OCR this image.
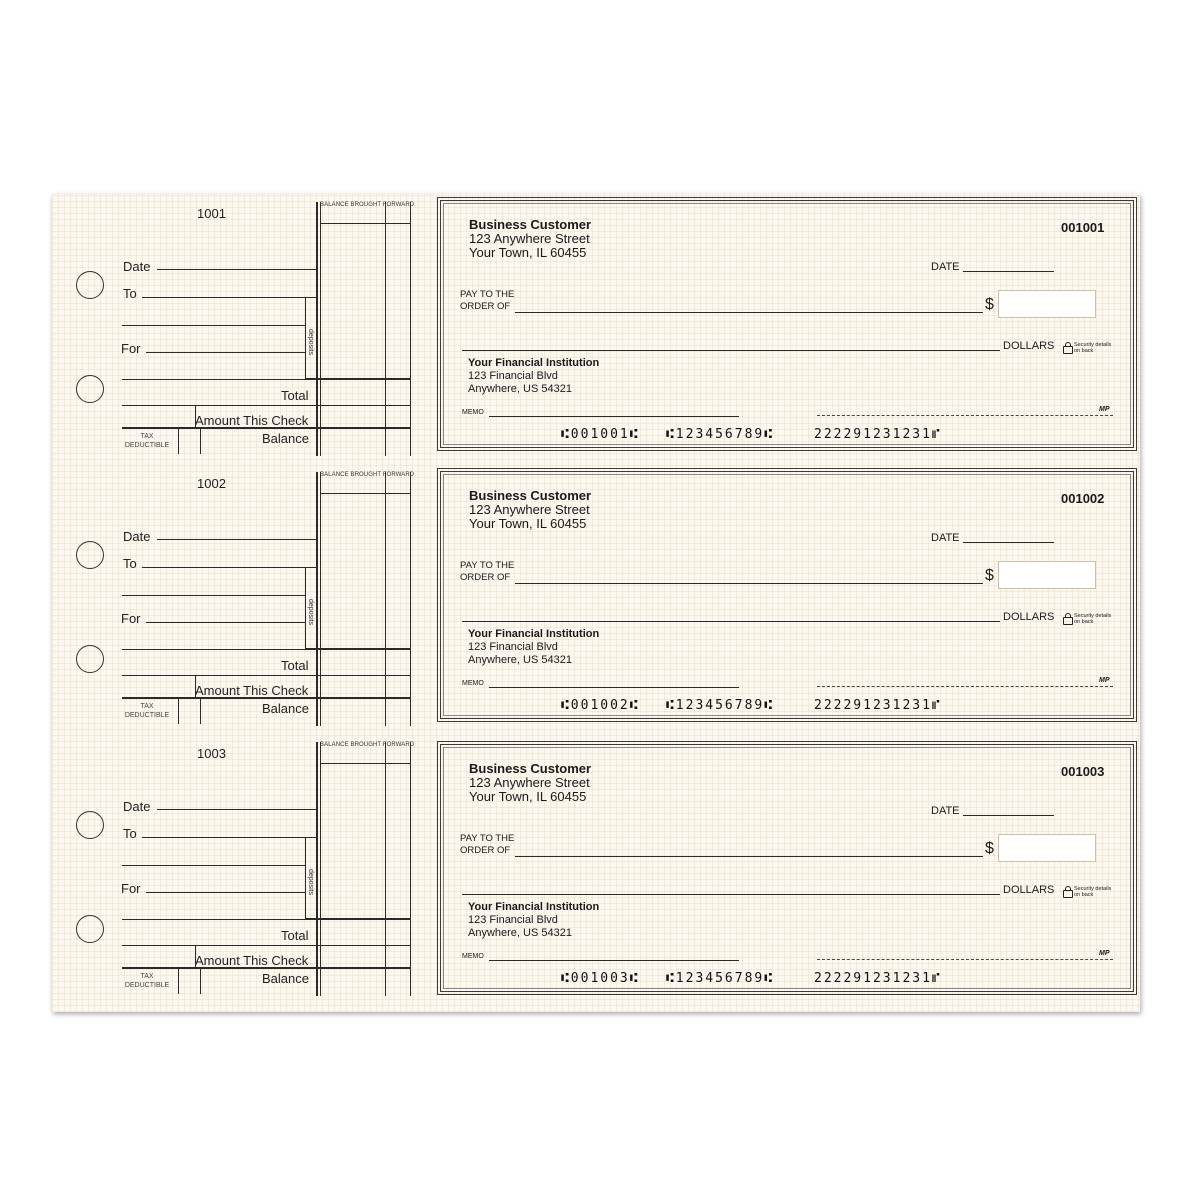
1001
Date
To
For
Total
Amount This Check
TAX
DEDUCTIBLE	Balance
BALANCE BROUGHT FORWARD
deposits
Business Customer
123 Anywhere Street
Your Town, IL 60455
001001
DATE
PAY TO THE
ORDER OF	$
DOLLARS	Security details
on back
Your Financial Institution
123 Financial Blvd
Anywhere, US 54321
MEMO	MP
⑆001001⑆ ⑆123456789⑆	222291231231⑈
1002
Date
To
For
Total
Amount This Check
TAX
DEDUCTIBLE	Balance
BALANCE BROUGHT FORWARD
deposits
Business Customer
123 Anywhere Street
Your Town, IL 60455
001002
DATE
PAY TO THE
ORDER OF	$
DOLLARS	Security details
on back
Your Financial Institution
123 Financial Blvd
Anywhere, US 54321
MEMO	MP
⑆001002⑆ ⑆123456789⑆	222291231231⑈
1003
Date
To
For
Total
Amount This Check
TAX
DEDUCTIBLE	Balance
BALANCE BROUGHT FORWARD
deposits
Business Customer
123 Anywhere Street
Your Town, IL 60455
001003
DATE
PAY TO THE
ORDER OF	$
DOLLARS	Security details
on back
Your Financial Institution
123 Financial Blvd
Anywhere, US 54321
MEMO	MP
⑆001003⑆ ⑆123456789⑆	222291231231⑈
